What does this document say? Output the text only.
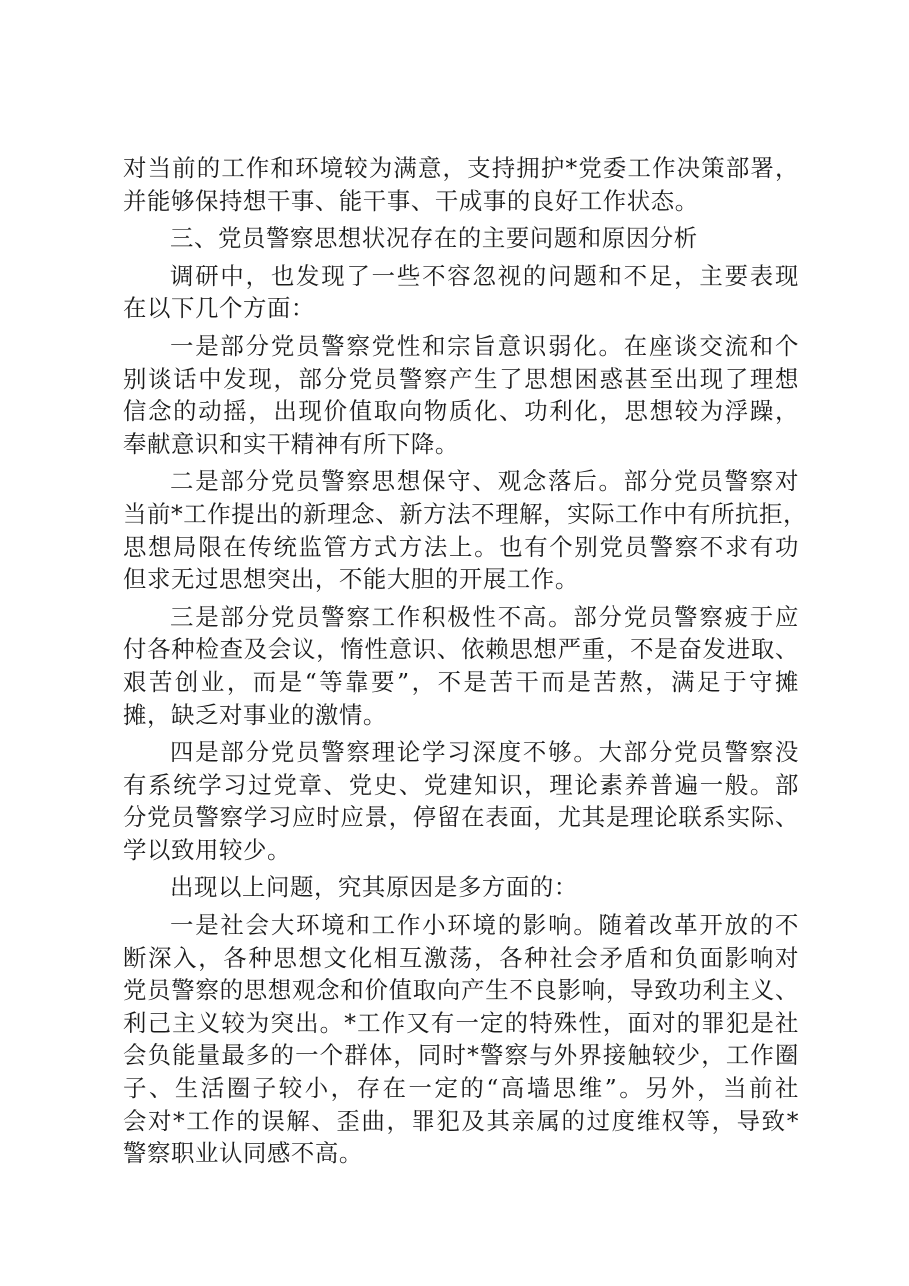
对当前的工作和环境较为满意，支持拥护*党委工作决策部署，
并能够保持想干事、能干事、干成事的良好工作状态。
三、党员警察思想状况存在的主要问题和原因分析
调研中，也发现了一些不容忽视的问题和不足，主要表现
在以下几个方面：
一是部分党员警察党性和宗旨意识弱化。在座谈交流和个
别谈话中发现，部分党员警察产生了思想困惑甚至出现了理想
信念的动摇，出现价值取向物质化、功利化，思想较为浮躁，
奉献意识和实干精神有所下降。
二是部分党员警察思想保守、观念落后。部分党员警察对
当前*工作提出的新理念、新方法不理解，实际工作中有所抗拒，
思想局限在传统监管方式方法上。也有个别党员警察不求有功
但求无过思想突出，不能大胆的开展工作。
三是部分党员警察工作积极性不高。部分党员警察疲于应
付各种检查及会议，惰性意识、依赖思想严重，不是奋发进取、
艰苦创业，而是“等靠要”，不是苦干而是苦熬，满足于守摊
摊，缺乏对事业的激情。
四是部分党员警察理论学习深度不够。大部分党员警察没
有系统学习过党章、党史、党建知识，理论素养普遍一般。部
分党员警察学习应时应景，停留在表面，尤其是理论联系实际、
学以致用较少。
出现以上问题，究其原因是多方面的：
一是社会大环境和工作小环境的影响。随着改革开放的不
断深入，各种思想文化相互激荡，各种社会矛盾和负面影响对
党员警察的思想观念和价值取向产生不良影响，导致功利主义、
利己主义较为突出。*工作又有一定的特殊性，面对的罪犯是社
会负能量最多的一个群体，同时*警察与外界接触较少，工作圈
子、生活圈子较小，存在一定的“高墙思维”。另外，当前社
会对*工作的误解、歪曲，罪犯及其亲属的过度维权等，导致*
警察职业认同感不高。
